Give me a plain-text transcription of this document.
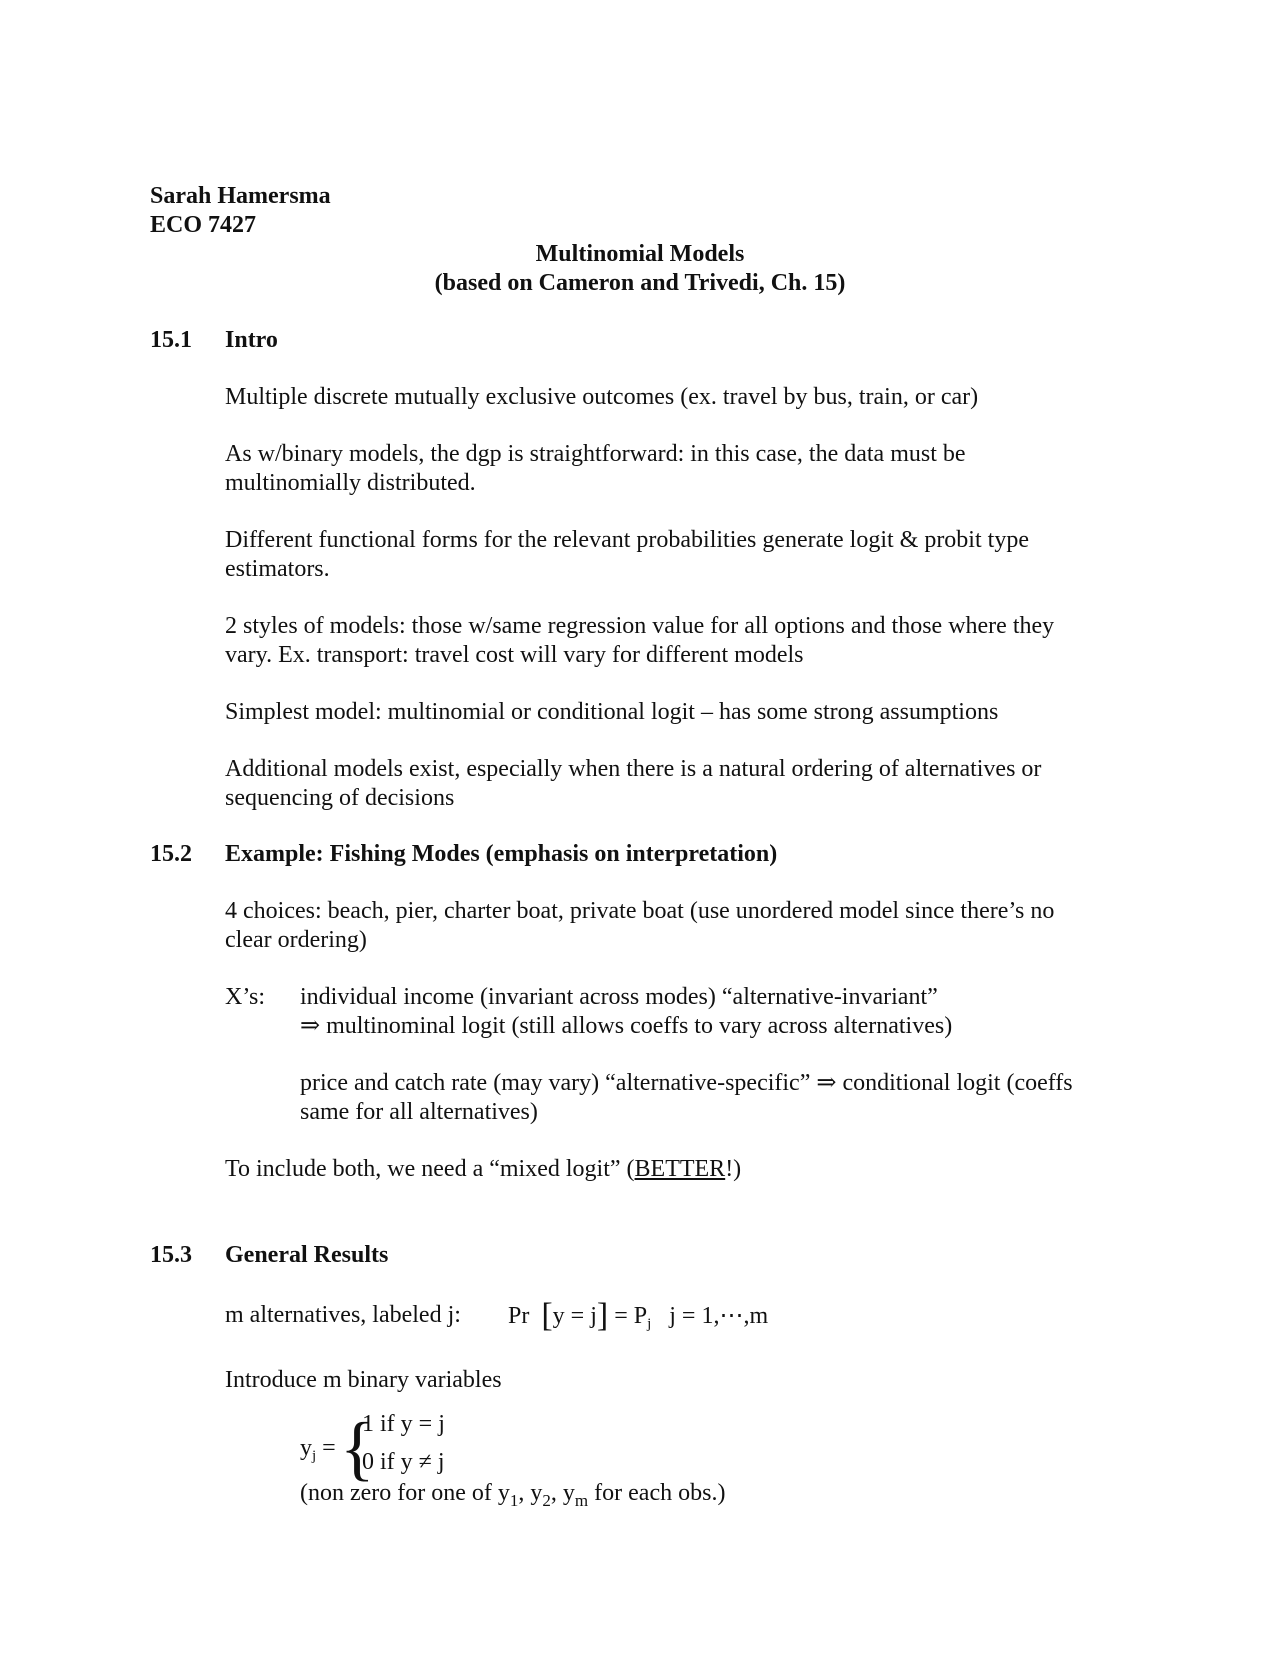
Sarah Hamersma
ECO 7427
Multinomial Models
(based on Cameron and Trivedi, Ch. 15)
15.1 Intro
Multiple discrete mutually exclusive outcomes (ex. travel by bus, train, or car)
As w/binary models, the dgp is straightforward: in this case, the data must be
multinomially distributed.
Different functional forms for the relevant probabilities generate logit & probit type
estimators.
2 styles of models: those w/same regression value for all options and those where they
vary. Ex. transport: travel cost will vary for different models
Simplest model: multinomial or conditional logit – has some strong assumptions
Additional models exist, especially when there is a natural ordering of alternatives or
sequencing of decisions
15.2 Example: Fishing Modes (emphasis on interpretation)
4 choices: beach, pier, charter boat, private boat (use unordered model since there’s no
clear ordering)
X’s: individual income (invariant across modes) “alternative-invariant”
⇒ multinominal logit (still allows coeffs to vary across alternatives)
price and catch rate (may vary) “alternative-specific” ⇒ conditional logit (coeffs
same for all alternatives)
To include both, we need a “mixed logit” (BETTER!)
15.3 General Results
m alternatives, labeled j:	Pr $[y = j] = P_j$ j = 1,⋯,m
Introduce m binary variables
$y_j$ = {
1 if y = j
0 if y ≠ j
(non zero for one of $y_1$, $y_2$, $y_m$ for each obs.)
